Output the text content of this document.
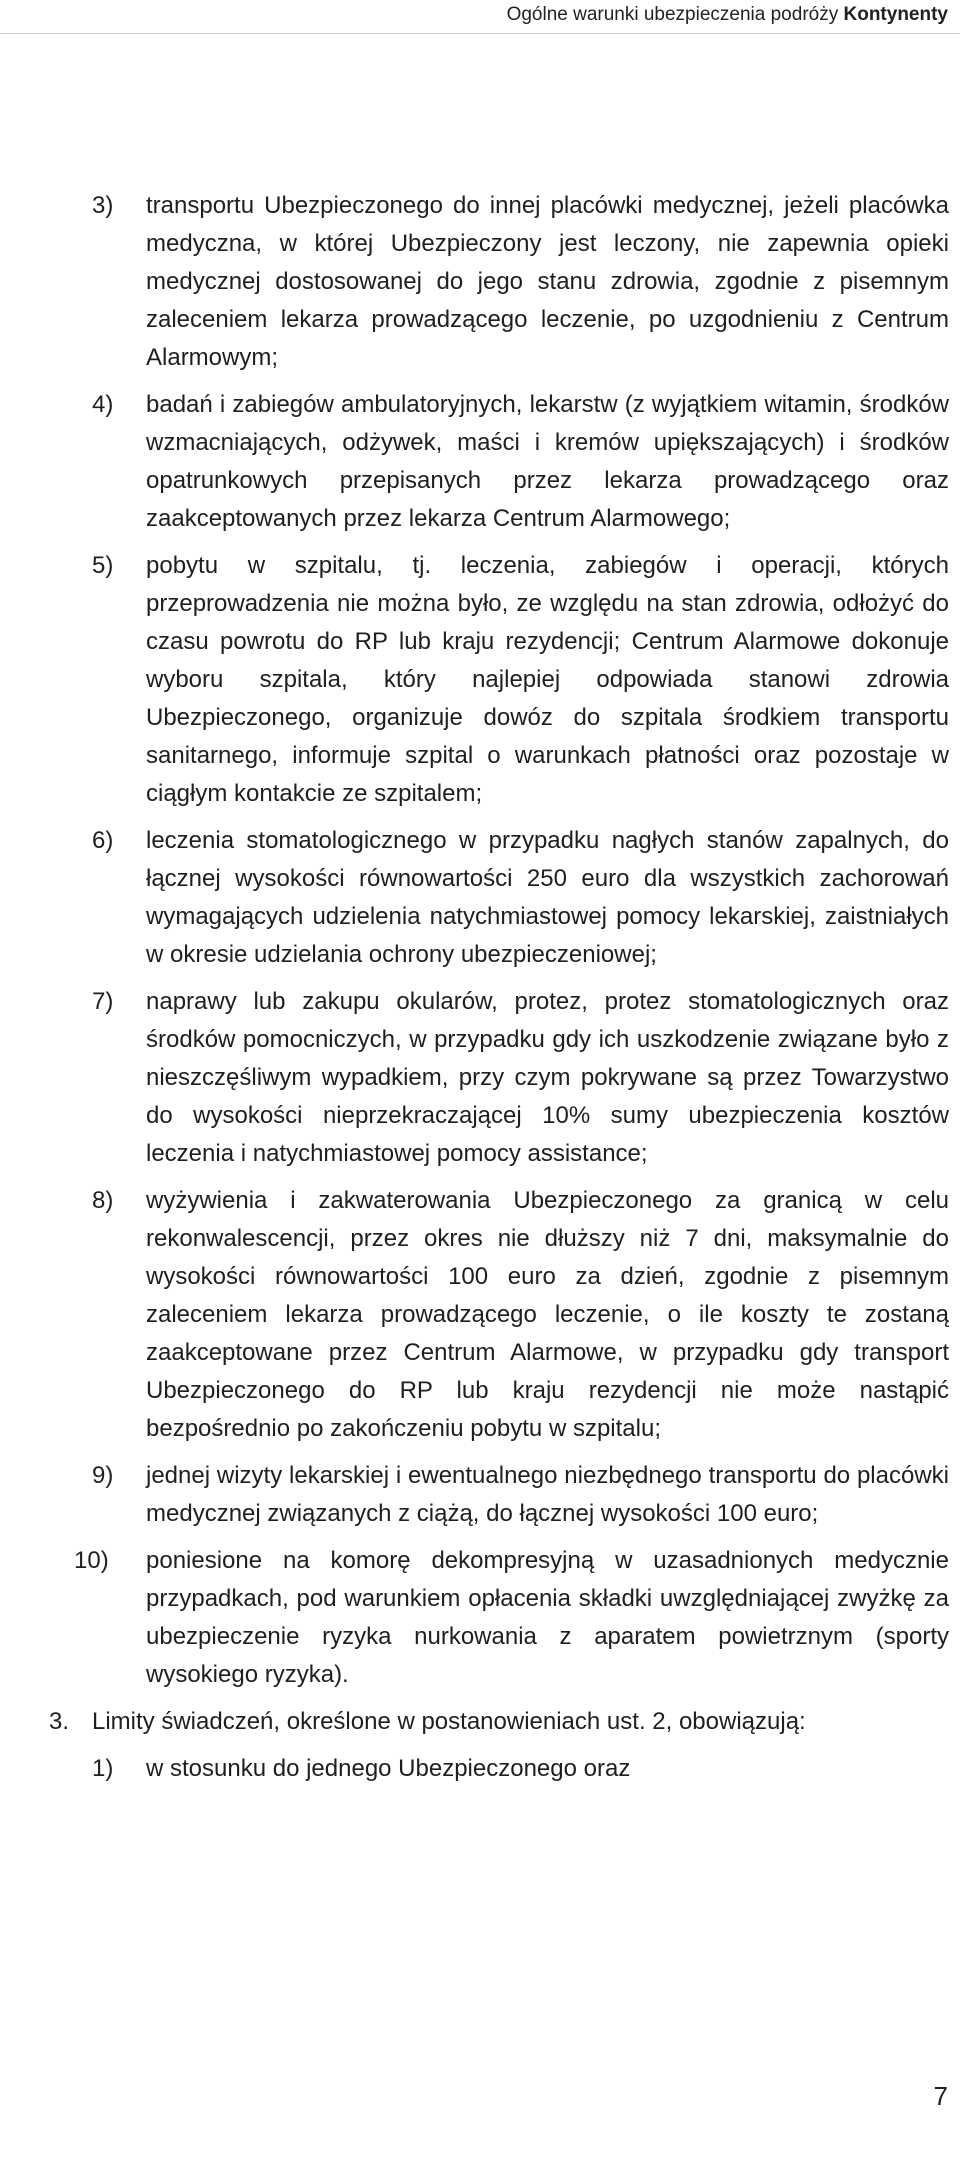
Ogólne warunki ubezpieczenia podróży Kontynenty
3)	transportu Ubezpieczonego do innej placówki medycznej, jeżeli placówka medyczna, w której Ubezpieczony jest leczony, nie zapewnia opieki medycznej dostosowanej do jego stanu zdrowia, zgodnie z pisemnym zaleceniem lekarza prowadzącego leczenie, po uzgodnieniu z Centrum Alarmowym;
4)	badań i zabiegów ambulatoryjnych, lekarstw (z wyjątkiem witamin, środków wzmacniających, odżywek, maści i kremów upiększających) i środków opatrunkowych przepisanych przez lekarza prowadzącego oraz zaakceptowanych przez lekarza Centrum Alarmowego;
5)	pobytu w szpitalu, tj. leczenia, zabiegów i operacji, których przeprowadzenia nie można było, ze względu na stan zdrowia, odłożyć do czasu powrotu do RP lub kraju rezydencji; Centrum Alarmowe dokonuje wyboru szpitala, który najlepiej odpowiada stanowi zdrowia Ubezpieczonego, organizuje dowóz do szpitala środkiem transportu sanitarnego, informuje szpital o warunkach płatności oraz pozostaje w ciągłym kontakcie ze szpitalem;
6)	leczenia stomatologicznego w przypadku nagłych stanów zapalnych, do łącznej wysokości równowartości 250 euro dla wszystkich zachorowań wymagających udzielenia natychmiastowej pomocy lekarskiej, zaistniałych w okresie udzielania ochrony ubezpieczeniowej;
7)	naprawy lub zakupu okularów, protez, protez stomatologicznych oraz środków pomocniczych, w przypadku gdy ich uszkodzenie związane było z nieszczęśliwym wypadkiem, przy czym pokrywane są przez Towarzystwo do wysokości nieprzekraczającej 10% sumy ubezpieczenia kosztów leczenia i natychmiastowej pomocy assistance;
8)	wyżywienia i zakwaterowania Ubezpieczonego za granicą w celu rekonwalescencji, przez okres nie dłuższy niż 7 dni, maksymalnie do wysokości równowartości 100 euro za dzień, zgodnie z pisemnym zaleceniem lekarza prowadzącego leczenie, o ile koszty te zostaną zaakceptowane przez Centrum Alarmowe, w przypadku gdy transport Ubezpieczonego do RP lub kraju rezydencji nie może nastąpić bezpośrednio po zakończeniu pobytu w szpitalu;
9)	jednej wizyty lekarskiej i ewentualnego niezbędnego transportu do placówki medycznej związanych z ciążą, do łącznej wysokości 100 euro;
10)	poniesione na komorę dekompresyjną w uzasadnionych medycznie przypadkach, pod warunkiem opłacenia składki uwzględniającej zwyżkę za ubezpieczenie ryzyka nurkowania z aparatem powietrznym (sporty wysokiego ryzyka).
3. Limity świadczeń, określone w postanowieniach ust. 2, obowiązują:
1)	w stosunku do jednego Ubezpieczonego oraz
7
